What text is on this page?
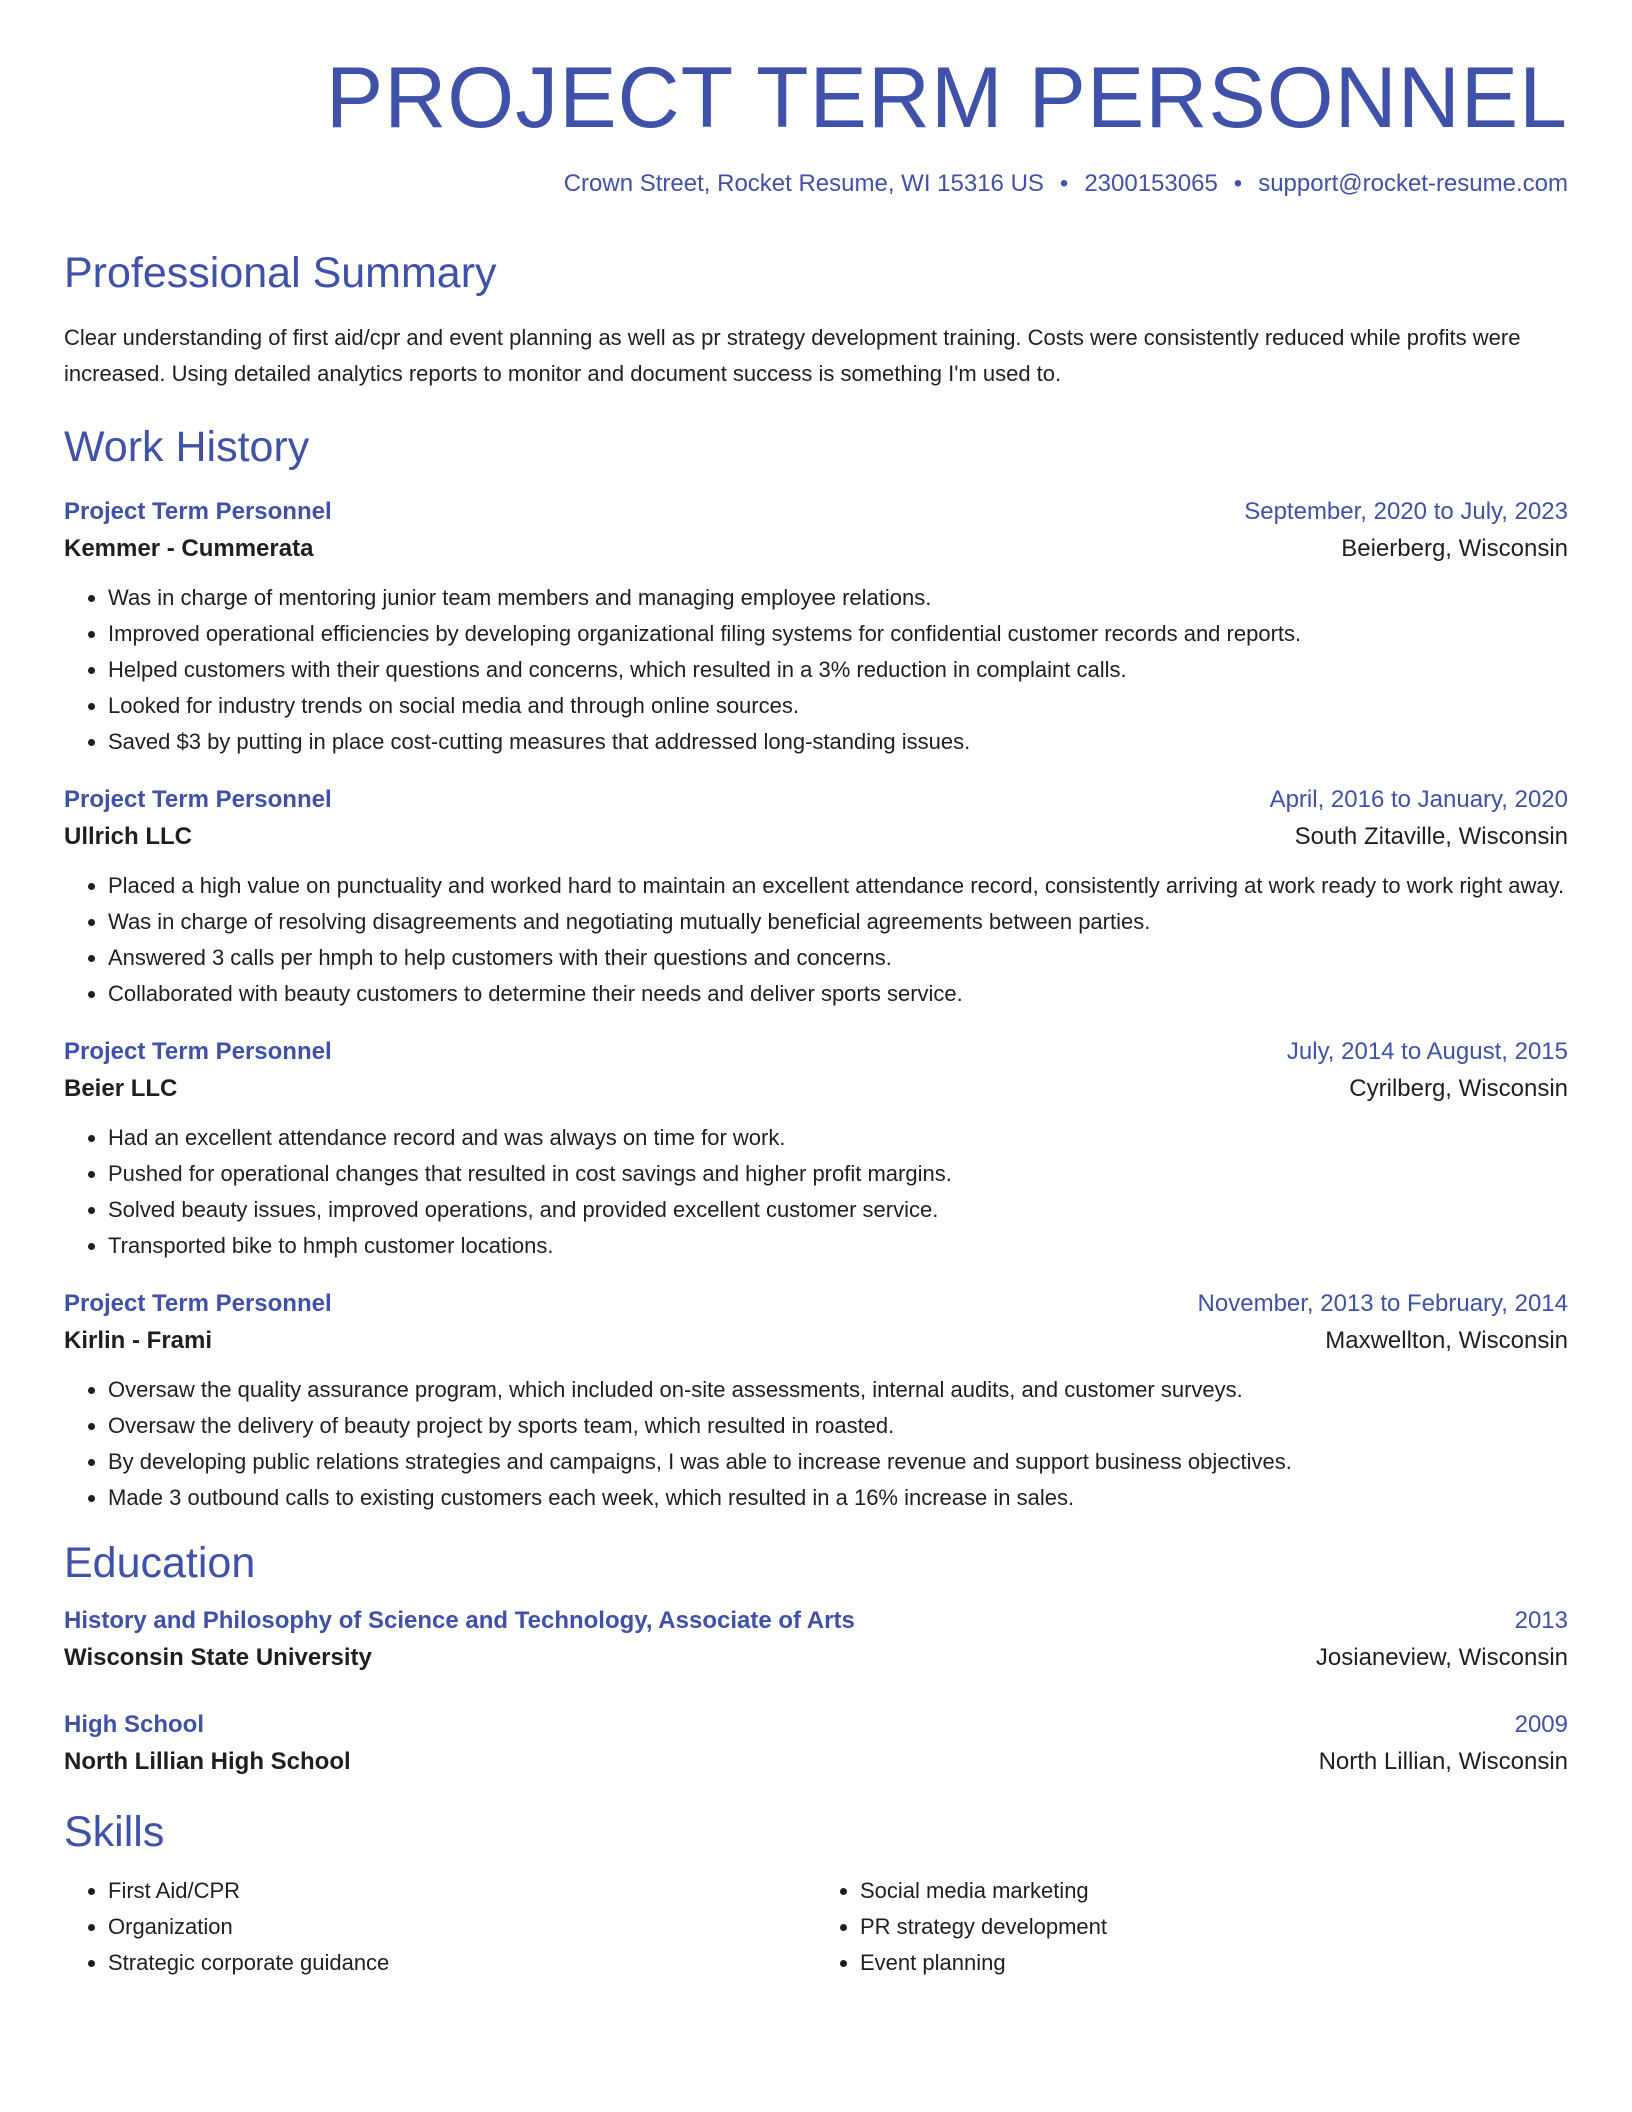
PROJECT TERM PERSONNEL
Crown Street, Rocket Resume, WI 15316 US • 2300153065 • support@rocket-resume.com
Professional Summary
Clear understanding of first aid/cpr and event planning as well as pr strategy development training. Costs were consistently reduced while profits were increased. Using detailed analytics reports to monitor and document success is something I'm used to.
Work History
Project Term Personnel	September, 2020 to July, 2023
Kemmer - Cummerata	Beierberg, Wisconsin
• Was in charge of mentoring junior team members and managing employee relations.
• Improved operational efficiencies by developing organizational filing systems for confidential customer records and reports.
• Helped customers with their questions and concerns, which resulted in a 3% reduction in complaint calls.
• Looked for industry trends on social media and through online sources.
• Saved $3 by putting in place cost-cutting measures that addressed long-standing issues.
Project Term Personnel	April, 2016 to January, 2020
Ullrich LLC	South Zitaville, Wisconsin
• Placed a high value on punctuality and worked hard to maintain an excellent attendance record, consistently arriving at work ready to work right away.
• Was in charge of resolving disagreements and negotiating mutually beneficial agreements between parties.
• Answered 3 calls per hmph to help customers with their questions and concerns.
• Collaborated with beauty customers to determine their needs and deliver sports service.
Project Term Personnel	July, 2014 to August, 2015
Beier LLC	Cyrilberg, Wisconsin
• Had an excellent attendance record and was always on time for work.
• Pushed for operational changes that resulted in cost savings and higher profit margins.
• Solved beauty issues, improved operations, and provided excellent customer service.
• Transported bike to hmph customer locations.
Project Term Personnel	November, 2013 to February, 2014
Kirlin - Frami	Maxwellton, Wisconsin
• Oversaw the quality assurance program, which included on-site assessments, internal audits, and customer surveys.
• Oversaw the delivery of beauty project by sports team, which resulted in roasted.
• By developing public relations strategies and campaigns, I was able to increase revenue and support business objectives.
• Made 3 outbound calls to existing customers each week, which resulted in a 16% increase in sales.
Education
History and Philosophy of Science and Technology, Associate of Arts	2013
Wisconsin State University	Josianeview, Wisconsin
High School	2009
North Lillian High School	North Lillian, Wisconsin
Skills
• First Aid/CPR
• Organization
• Strategic corporate guidance
• Social media marketing
• PR strategy development
• Event planning
